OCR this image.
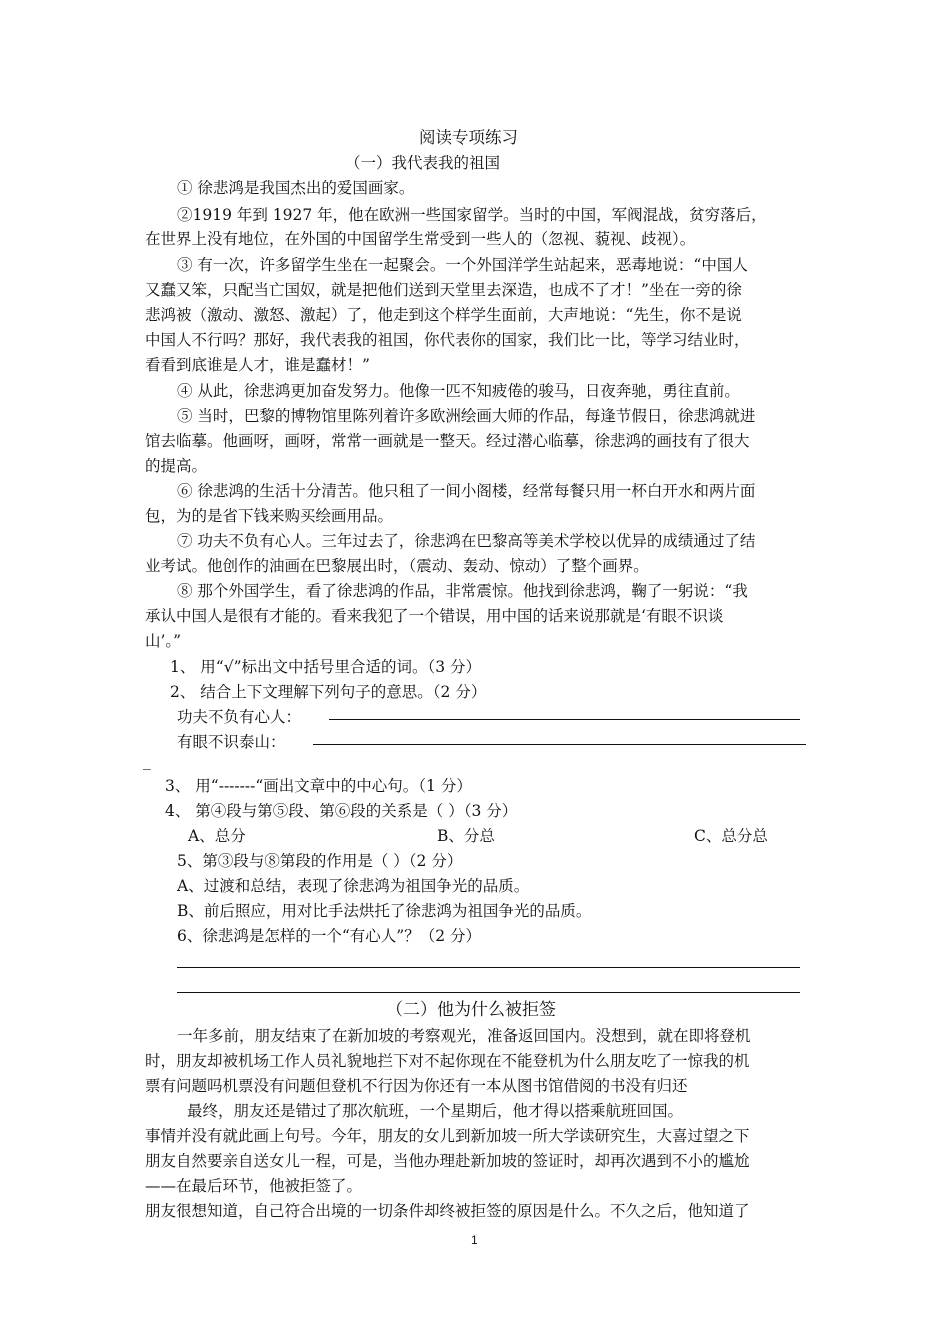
阅读专项练习
（一）我代表我的祖国
① 徐悲鸿是我国杰出的爱国画家。
②1919 年到 1927 年，他在欧洲一些国家留学。当时的中国，军阀混战，贫穷落后，
在世界上没有地位，在外国的中国留学生常受到一些人的（忽视、藐视、歧视）。
③ 有一次，许多留学生坐在一起聚会。一个外国洋学生站起来，恶毒地说：“中国人
又蠢又笨，只配当亡国奴，就是把他们送到天堂里去深造，也成不了才！”坐在一旁的徐
悲鸿被（激动、激怒、激起）了，他走到这个样学生面前，大声地说：“先生，你不是说
中国人不行吗？那好，我代表我的祖国，你代表你的国家，我们比一比，等学习结业时，
看看到底谁是人才，谁是蠢材！”
④ 从此，徐悲鸿更加奋发努力。他像一匹不知疲倦的骏马，日夜奔驰，勇往直前。
⑤ 当时，巴黎的博物馆里陈列着许多欧洲绘画大师的作品，每逢节假日，徐悲鸿就进
馆去临摹。他画呀，画呀，常常一画就是一整天。经过潜心临摹，徐悲鸿的画技有了很大
的提高。
⑥ 徐悲鸿的生活十分清苦。他只租了一间小阁楼，经常每餐只用一杯白开水和两片面
包，为的是省下钱来购买绘画用品。
⑦ 功夫不负有心人。三年过去了，徐悲鸿在巴黎高等美术学校以优异的成绩通过了结
业考试。他创作的油画在巴黎展出时，（震动、轰动、惊动）了整个画界。
⑧ 那个外国学生，看了徐悲鸿的作品，非常震惊。他找到徐悲鸿，鞠了一躬说：“我
承认中国人是很有才能的。看来我犯了一个错误，用中国的话来说那就是‘有眼不识谈
山’。”
1、 用“√”标出文中括号里合适的词。（3 分）
2、 结合上下文理解下列句子的意思。（2 分）
功夫不负有心人：
有眼不识泰山：
_
3、 用“-------“画出文章中的中心句。（1 分）
4、 第④段与第⑤段、第⑥段的关系是（ ）（3 分）
A、总分	B、分总	C、总分总
5、第③段与⑧第段的作用是（ ）（2 分）
A、过渡和总结，表现了徐悲鸿为祖国争光的品质。
B、前后照应，用对比手法烘托了徐悲鸿为祖国争光的品质。
6、徐悲鸿是怎样的一个“有心人”？（2 分）
（二）他为什么被拒签
一年多前，朋友结束了在新加坡的考察观光，准备返回国内。没想到，就在即将登机
时，朋友却被机场工作人员礼貌地拦下对不起你现在不能登机为什么朋友吃了一惊我的机
票有问题吗机票没有问题但登机不行因为你还有一本从图书馆借阅的书没有归还
最终，朋友还是错过了那次航班，一个星期后，他才得以搭乘航班回国。
事情并没有就此画上句号。今年，朋友的女儿到新加坡一所大学读研究生，大喜过望之下
朋友自然要亲自送女儿一程，可是，当他办理赴新加坡的签证时，却再次遇到不小的尴尬
——在最后环节，他被拒签了。
朋友很想知道，自己符合出境的一切条件却终被拒签的原因是什么。不久之后，他知道了
1
